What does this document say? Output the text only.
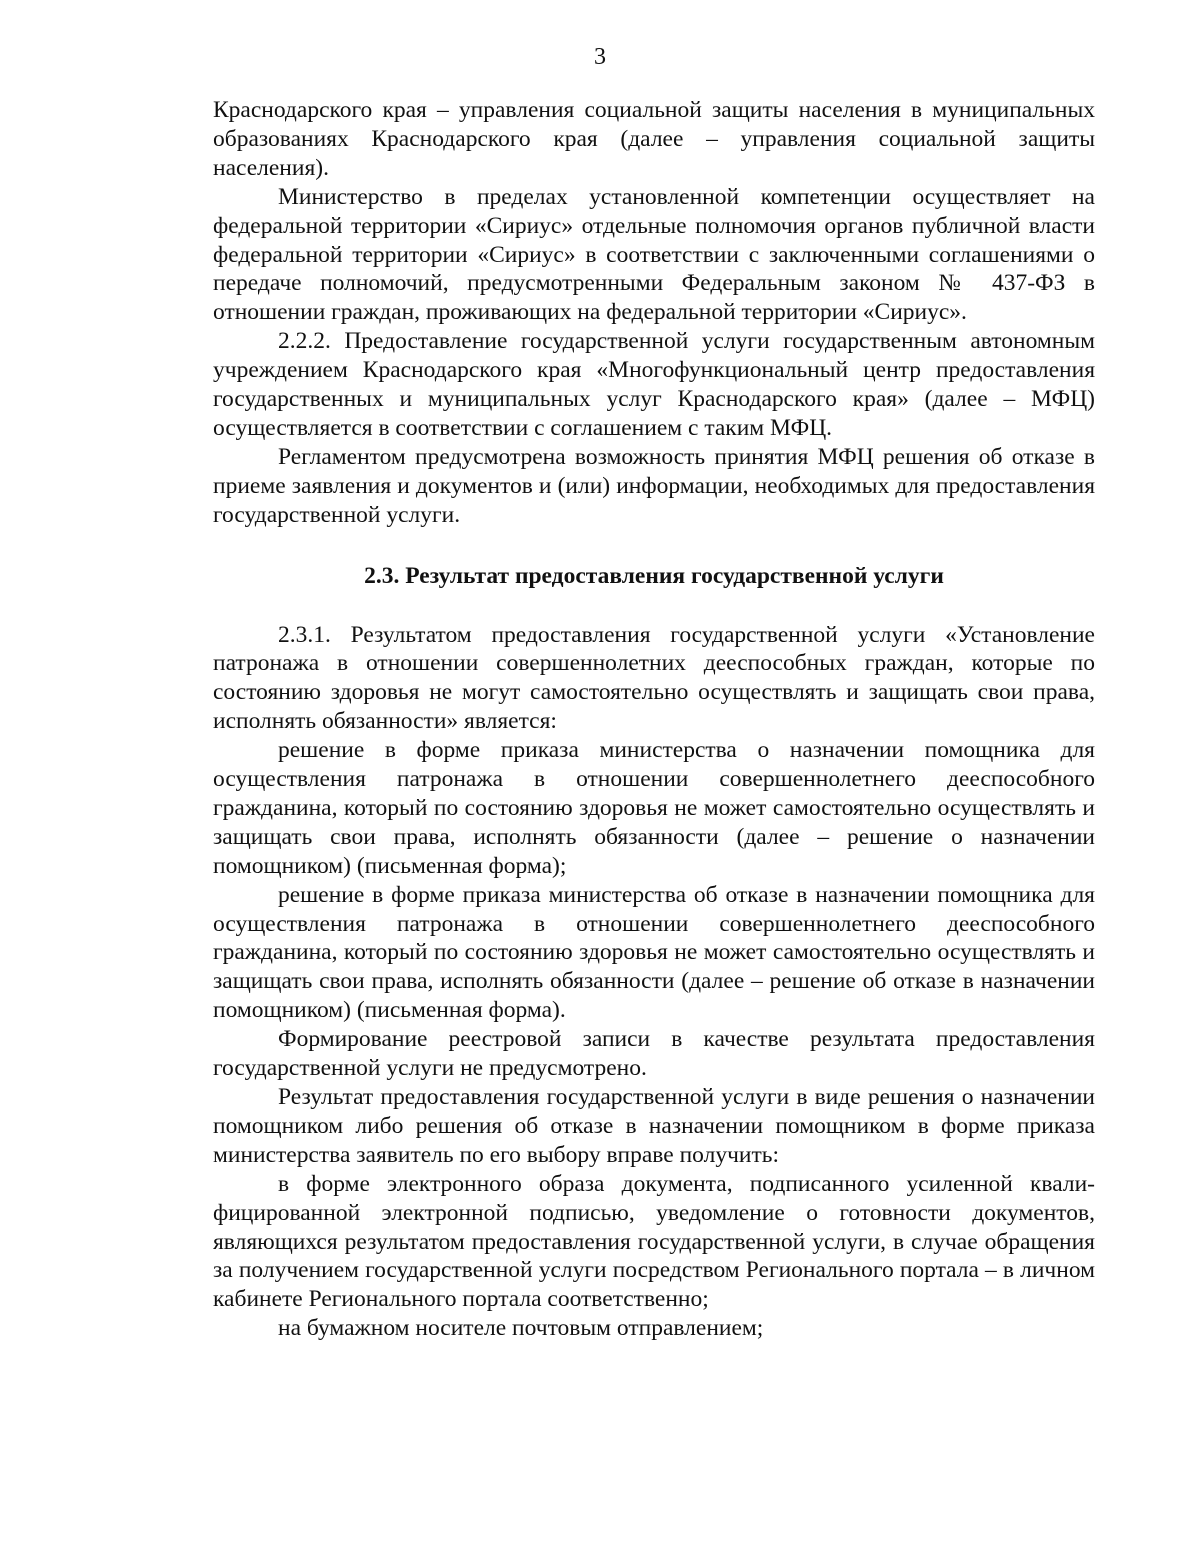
3

Краснодарского края – управления социальной защиты населения в муниципальных образованиях Краснодарского края (далее – управления социальной защиты населения).

Министерство в пределах установленной компетенции осуществляет на федеральной территории «Сириус» отдельные полномочия органов публичной власти федеральной территории «Сириус» в соответствии с заключенными соглашениями о передаче полномочий, предусмотренными Федеральным законом № 437-ФЗ в отношении граждан, проживающих на федеральной территории «Сириус».

2.2.2. Предоставление государственной услуги государственным автономным учреждением Краснодарского края «Многофункциональный центр предоставления государственных и муниципальных услуг Краснодарского края» (далее – МФЦ) осуществляется в соответствии с соглашением с таким МФЦ.

Регламентом предусмотрена возможность принятия МФЦ решения об отказе в приеме заявления и документов и (или) информации, необходимых для предоставления государственной услуги.

2.3. Результат предоставления государственной услуги

2.3.1. Результатом предоставления государственной услуги «Установление патронажа в отношении совершеннолетних дееспособных граждан, которые по состоянию здоровья не могут самостоятельно осуществлять и защищать свои права, исполнять обязанности» является:

решение в форме приказа министерства о назначении помощника для осуществления патронажа в отношении совершеннолетнего дееспособного гражданина, который по состоянию здоровья не может самостоятельно осуществлять и защищать свои права, исполнять обязанности (далее – решение о назначении помощником) (письменная форма);

решение в форме приказа министерства об отказе в назначении помощника для осуществления патронажа в отношении совершеннолетнего дееспособного гражданина, который по состоянию здоровья не может самостоятельно осуществлять и защищать свои права, исполнять обязанности (далее – решение об отказе в назначении помощником) (письменная форма).

Формирование реестровой записи в качестве результата предоставления государственной услуги не предусмотрено.

Результат предоставления государственной услуги в виде решения о назначении помощником либо решения об отказе в назначении помощником в форме приказа министерства заявитель по его выбору вправе получить:

в форме электронного образа документа, подписанного усиленной квалифицированной электронной подписью, уведомление о готовности документов, являющихся результатом предоставления государственной услуги, в случае обращения за получением государственной услуги посредством Регионального портала – в личном кабинете Регионального портала соответственно;

на бумажном носителе почтовым отправлением;
